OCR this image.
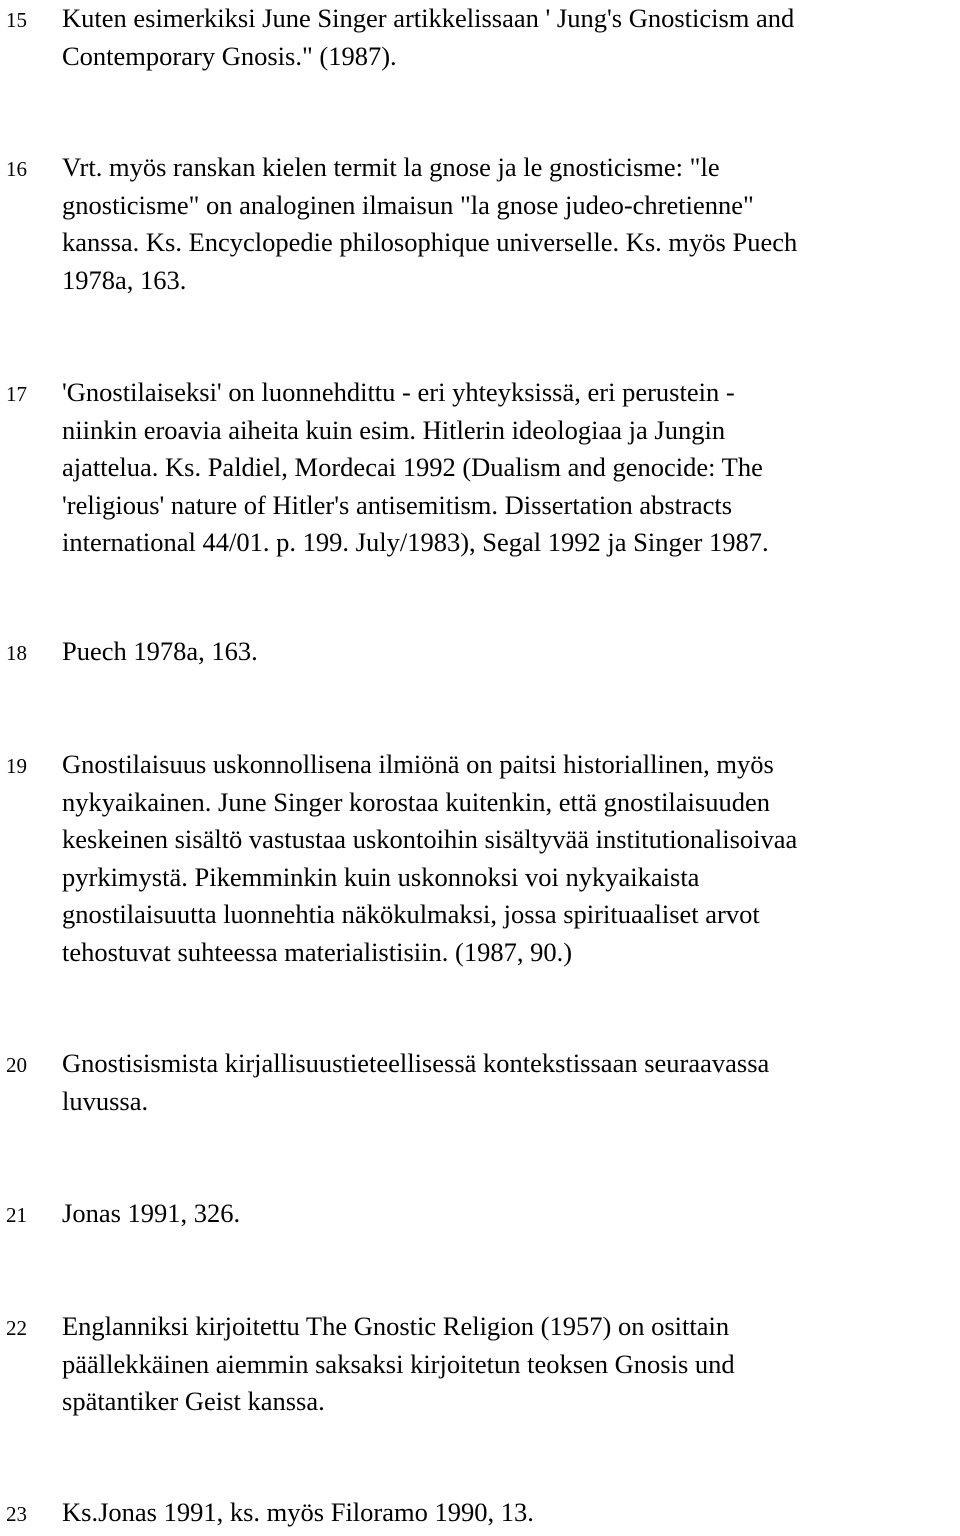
15 Kuten esimerkiksi June Singer artikkelissaan ' Jung's Gnosticism and
Contemporary Gnosis." (1987).
16 Vrt. myös ranskan kielen termit la gnose ja le gnosticisme: "le
gnosticisme" on analoginen ilmaisun "la gnose judeo-chretienne"
kanssa. Ks. Encyclopedie philosophique universelle. Ks. myös Puech
1978a, 163.
17 'Gnostilaiseksi' on luonnehdittu - eri yhteyksissä, eri perustein -
niinkin eroavia aiheita kuin esim. Hitlerin ideologiaa ja Jungin
ajattelua. Ks. Paldiel, Mordecai 1992 (Dualism and genocide: The
'religious' nature of Hitler's antisemitism. Dissertation abstracts
international 44/01. p. 199. July/1983), Segal 1992 ja Singer 1987.
18 Puech 1978a, 163.
19 Gnostilaisuus uskonnollisena ilmiönä on paitsi historiallinen, myös
nykyaikainen. June Singer korostaa kuitenkin, että gnostilaisuuden
keskeinen sisältö vastustaa uskontoihin sisältyvää institutionalisoivaa
pyrkimystä. Pikemminkin kuin uskonnoksi voi nykyaikaista
gnostilaisuutta luonnehtia näkökulmaksi, jossa spirituaaliset arvot
tehostuvat suhteessa materialistisiin. (1987, 90.)
20 Gnostisismista kirjallisuustieteellisessä kontekstissaan seuraavassa
luvussa.
21 Jonas 1991, 326.
22 Englanniksi kirjoitettu The Gnostic Religion (1957) on osittain
päällekkäinen aiemmin saksaksi kirjoitetun teoksen Gnosis und
spätantiker Geist kanssa.
23 Ks.Jonas 1991, ks. myös Filoramo 1990, 13.
